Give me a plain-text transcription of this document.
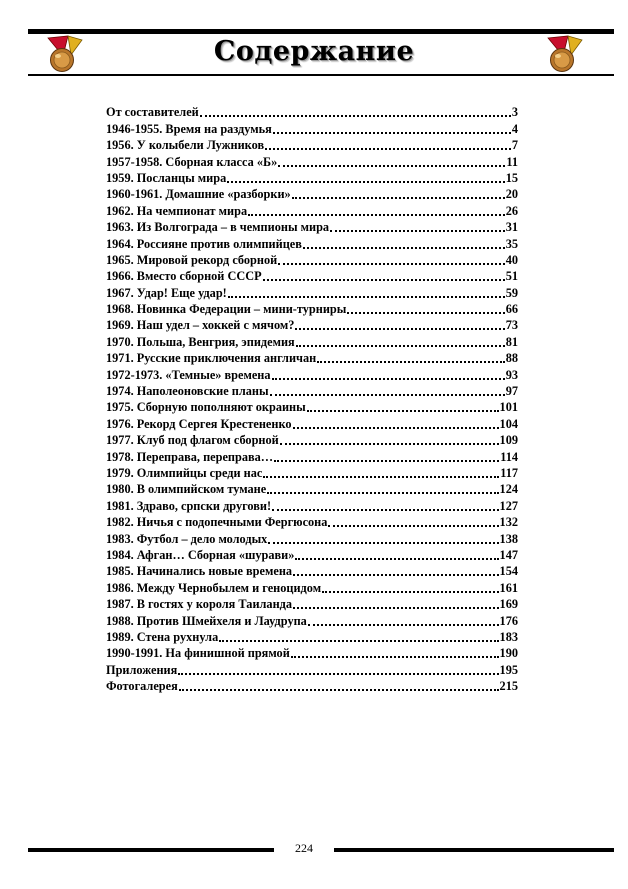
Содержание
От составителей	3
1946-1955. Время на раздумья	4
1956. У колыбели Лужников	7
1957-1958. Сборная класса «Б»	11
1959. Посланцы мира	15
1960-1961. Домашние «разборки»	20
1962. На чемпионат мира	26
1963. Из Волгограда – в чемпионы мира	31
1964. Россияне против олимпийцев	35
1965. Мировой рекорд сборной	40
1966. Вместо сборной СССР	51
1967. Удар! Еще удар!	59
1968. Новинка Федерации – мини-турниры	66
1969. Наш удел – хоккей с мячом?	73
1970. Польша, Венгрия, эпидемия	81
1971. Русские приключения англичан	88
1972-1973. «Темные» времена	93
1974. Наполеоновские планы	97
1975. Сборную пополняют окраины	101
1976. Рекорд Сергея Крестененко	104
1977. Клуб под флагом сборной	109
1978. Переправа, переправа…	114
1979. Олимпийцы среди нас	117
1980. В олимпийском тумане	124
1981. Здраво, српски другови!	127
1982. Ничья с подопечными Фергюсона	132
1983. Футбол – дело молодых	138
1984. Афган… Сборная «шурави»	147
1985. Начинались новые времена	154
1986. Между Чернобылем и геноцидом	161
1987. В гостях у короля Таиланда	169
1988. Против Шмейхеля и Лаудрупа	176
1989. Стена рухнула	183
1990-1991. На финишной прямой	190
Приложения	195
Фотогалерея	215
224
